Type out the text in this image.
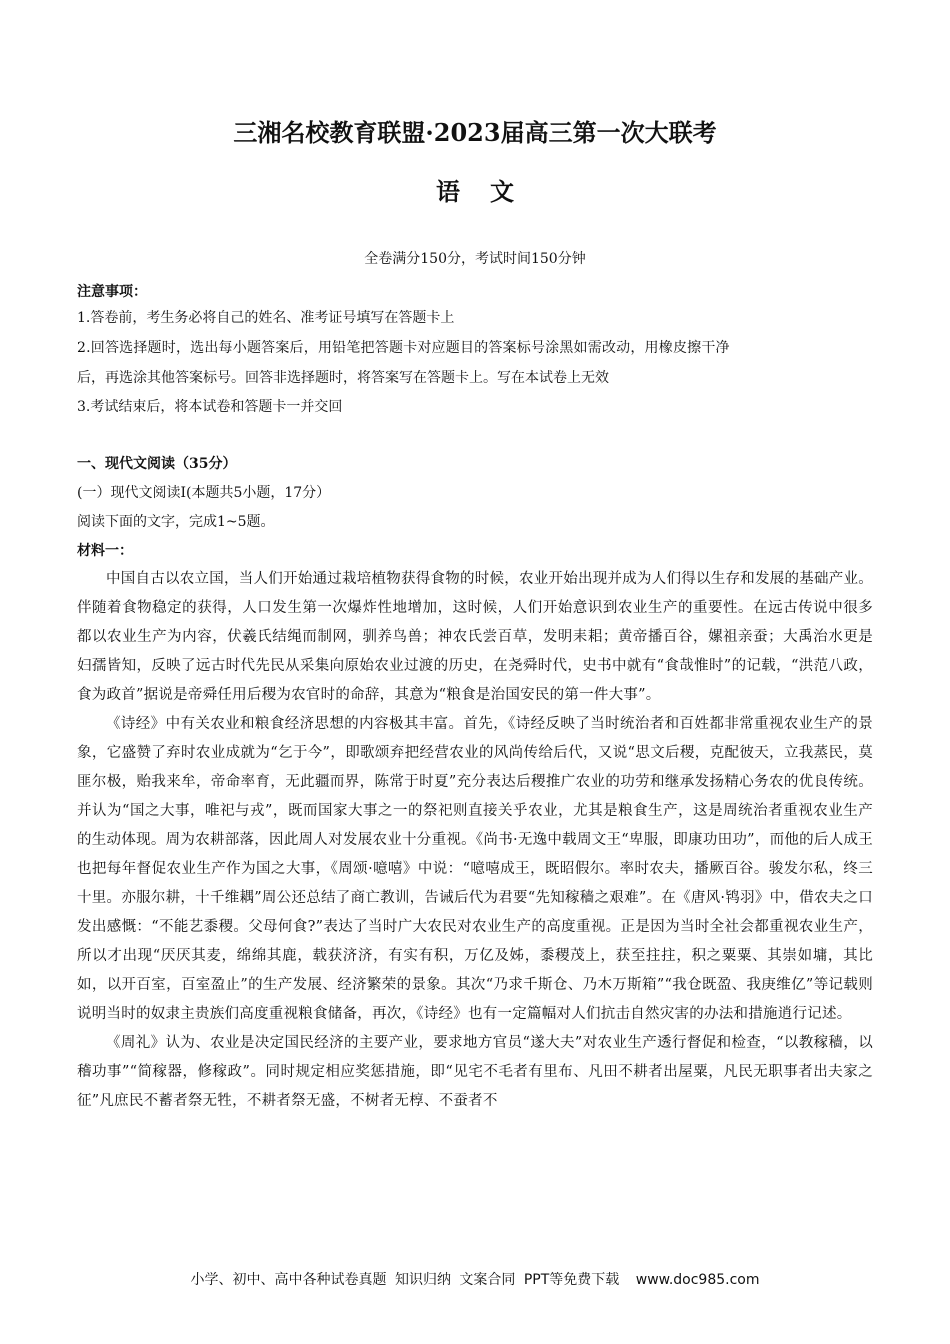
三湘名校教育联盟·2023届高三第一次大联考
语文
全卷满分150分，考试时间150分钟
注意事项：
1.答卷前，考生务必将自己的姓名、准考证号填写在答题卡上
2.回答选择题时，选出每小题答案后，用铅笔把答题卡对应题目的答案标号涂黑如需改动，用橡皮擦干净
后，再选涂其他答案标号。回答非选择题时，将答案写在答题卡上。写在本试卷上无效
3.考试结束后，将本试卷和答题卡一并交回
一、现代文阅读（35分）
(一）现代文阅读I(本题共5小题，17分）
阅读下面的文字，完成1~5题。
材料一：

中国自古以农立国，当人们开始通过栽培植物获得食物的时候，农业开始出现并成为人们得以生存和发展的基础产业。伴随着食物稳定的获得，人口发生第一次爆炸性地增加，这时候，人们开始意识到农业生产的重要性。在远古传说中很多都以农业生产为内容，伏羲氏结绳而制网，驯养鸟兽；神农氏尝百草，发明耒耜；黄帝播百谷，嫘祖亲蚕；大禹治水更是妇孺皆知，反映了远古时代先民从采集向原始农业过渡的历史，在尧舜时代，史书中就有“食哉惟时”的记载，“洪范八政，食为政首”据说是帝舜任用后稷为农官时的命辞，其意为“粮食是治国安民的第一件大事”。

《诗经》中有关农业和粮食经济思想的内容极其丰富。首先，《诗经反映了当时统治者和百姓都非常重视农业生产的景象，它盛赞了弃时农业成就为“乞于今”，即歌颂弃把经营农业的风尚传给后代，又说“思文后稷，克配彼天，立我蒸民，莫匪尔极，贻我来牟，帝命率育，无此疆而界，陈常于时夏”充分表达后稷推广农业的功劳和继承发扬精心务农的优良传统。并认为“国之大事，唯祀与戎”，既而国家大事之一的祭祀则直接关乎农业，尤其是粮食生产，这是周统治者重视农业生产的生动体现。周为农耕部落，因此周人对发展农业十分重视。《尚书·无逸中载周文王“卑服，即康功田功”，而他的后人成王也把每年督促农业生产作为国之大事，《周颂·噫嘻》中说：“噫嘻成王，既昭假尔。率时农夫，播厥百谷。骏发尔私，终三十里。亦服尔耕，十千维耦”周公还总结了商亡教训，告诫后代为君要“先知稼穑之艰难”。在《唐风·鸨羽》中，借农夫之口发出感慨：“不能艺黍稷。父母何食?”表达了当时广大农民对农业生产的高度重视。正是因为当时全社会都重视农业生产，所以才出现“厌厌其麦，绵绵其鹿，载获济济，有实有积，万亿及姊，黍稷茂上，获至拄拄，积之粟粟、其崇如墉，其比如，以开百室，百室盈止”的生产发展、经济繁荣的景象。其次“乃求千斯仓、乃木万斯箱”“我仓既盈、我庚维亿”等记载则说明当时的奴隶主贵族们高度重视粮食储备，再次，《诗经》也有一定篇幅对人们抗击自然灾害的办法和措施逍行记述。

《周礼》认为、农业是决定国民经济的主要产业，要求地方官员“遂大夫”对农业生产透行督促和检查，“以教稼穑，以稽功事”“简稼器，修稼政”。同时规定相应奖惩措施，即“见宅不毛者有里布、凡田不耕者出屋粟，凡民无职事者出夫家之征”凡庶民不蓄者祭无牲，不耕者祭无盛，不树者无椁、不蚕者不

小学、初中、高中各种试卷真题 知识归纳 文案合同 PPT等免费下载 www.doc985.com
